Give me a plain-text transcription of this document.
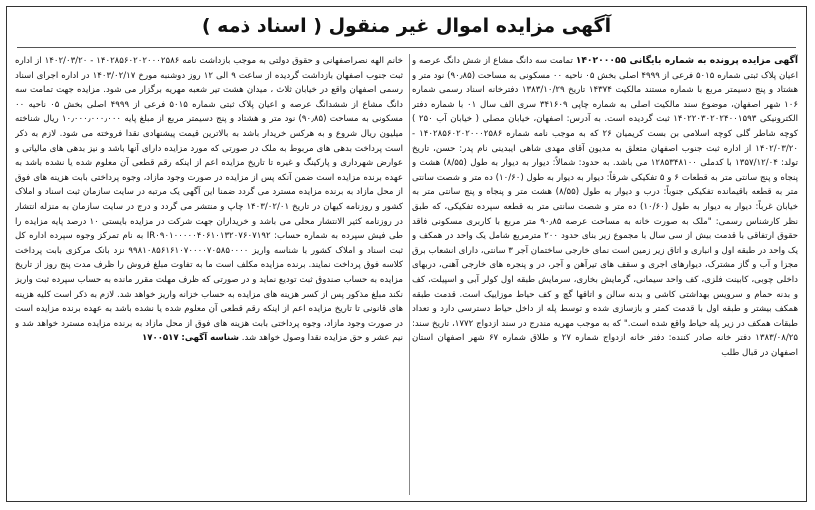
آگهی مزایده اموال غیر منقول ( اسناد ذمه )

آگهی مزایده پرونده به شماره بایگانی ۱۴۰۲۰۰۰۵۵ تمامت سه دانگ مشاع از شش دانگ عرصه و اعیان پلاک ثبتی شماره ۵۰۱۵ فرعی از ۴۹۹۹ اصلی بخش ۰۵ ناحیه ۰۰ مسکونی به مساحت (۹۰٫۸۵) نود متر و هشتاد و پنج دسیمتر مربع با شماره مستند مالکیت ۱۴۳۷۴ تاریخ ۱۳۸۳/۱۰/۲۹ دفترخانه اسناد رسمی شماره ۱۰۶ شهر اصفهان، موضوع سند مالکیت اصلی به شماره چاپی ۳۴۱۶۰۹ سری الف سال ۰۱ با شماره دفتر الکترونیکی ۱۴۰۲۲۰۳۰۲۰۲۴۰۰۱۵۹۳ ثبت گردیده است. به آدرس: اصفهان، خیابان مصلی ( خیابان آب ۲۵۰ ) کوچه شاطر گلی کوچه اسلامی بن بست کریمیان ۲۶ که به موجب نامه شماره ۱۴۰۲۸۵۶۰۲۰۲۰۰۰۲۵۸۶ - ۱۴۰۲/۰۳/۲۰ از اداره ثبت جنوب اصفهان متعلق به مدیون آقای مهدی شاهی ایبدینی نام پدر: حسن، تاریخ تولد: ۱۳۵۷/۱۲/۰۴ با کدملی ۱۲۸۵۳۴۸۱۰۰ می باشد. به حدود: شمالاً: دیوار به دیوار به طول (۸/۵۵) هشت و پنجاه و پنج سانتی متر به قطعات ۶ و ۵ تفکیکی شرقاً: دیوار به دیوار به طول (۱۰/۶۰) ده متر و شصت سانتی متر به قطعه باقیمانده تفکیکی جنوباً: درب و دیوار به طول (۸/۵۵) هشت متر و پنجاه و پنج سانتی متر به خیابان غرباً: دیوار به دیوار به طول (۱۰/۶۰) ده متر و شصت سانتی متر به قطعه سپرده تفکیکی، که طبق نظر کارشناس رسمی: "ملک به صورت خانه به مساحت عرصه ۹۰٫۸۵ متر مربع با کاربری مسکونی فاقد حقوق ارتفاقی با قدمت بیش از سی سال با مجموع زیر بنای حدود ۲۰۰ مترمربع شامل یک واحد در همکف و یک واحد در طبقه اول و انباری و اتاق زیر زمین است نمای خارجی ساختمان آجر ۳ سانتی، دارای انشعاب برق مجزا و آب و گاز مشترک، دیوارهای اجری و سقف های تیرآهن و آجر، در و پنجره های خارجی آهنی، دربهای داخلی چوبی، کابینت فلزی، کف واحد سیمانی، گرمایش بخاری، سرمایش طبقه اول کولر آبی و اسپیلت، کف و بدنه حمام و سرویس بهداشتی کاشی و بدنه سالن و اتاقها گچ و کف حیاط موزاییک است. قدمت طبقه همکف بیشتر و طبقه اول با قدمت کمتر و بازسازی شده و توسط پله از داخل حیاط دسترسی دارد و تعداد طبقات همکف در زیر پله حیاط واقع شده است." که به موجب مهریه مندرج در سند ازدواج ۱۷۷۲، تاریخ سند: ۱۳۸۳/۰۸/۲۵ دفتر خانه صادر کننده: دفتر خانه ازدواج شماره ۲۷ و طلاق شماره ۶۷ شهر اصفهان استان اصفهان در قبال طلب

خانم الهه نصراصفهانی و حقوق دولتی به موجب بازداشت نامه ۱۴۰۲۸۵۶۰۲۰۲۰۰۰۲۵۸۶ - ۱۴۰۲/۰۳/۲۰ از اداره ثبت جنوب اصفهان بازداشت گردیده از ساعت ۹ الی ۱۲ روز دوشنبه مورخ ۱۴۰۳/۰۲/۱۷ در اداره اجرای اسناد رسمی اصفهان واقع در خیابان ثلاث ، میدان هشت تیر شعبه مهریه برگزار می شود. مزایده جهت تمامت سه دانگ مشاع از ششدانگ عرصه و اعیان پلاک ثبتی شماره ۵۰۱۵ فرعی از ۴۹۹۹ اصلی بخش ۰۵ ناحیه ۰۰ مسکونی به مساحت (۹۰٫۸۵) نود متر و هشتاد و پنج دسیمتر مربع از مبلغ پایه ۱۰٫۰۰۰٫۰۰۰٫۰۰۰ ریال شناخته میلیون ریال شروع و به هرکس خریدار باشد به بالاترین قیمت پیشنهادی نقدا فروخته می شود. لازم به ذکر است پرداخت بدهی های مربوط به ملک در صورتی که مورد مزایده دارای آنها باشد و نیز بدهی های مالیاتی و عوارض شهرداری و پارکینگ و غیره تا تاریخ مزایده اعم از اینکه رقم قطعی آن معلوم شده یا نشده باشد به عهده برنده مزایده است ضمن آنکه پس از مزایده در صورت وجود مازاد، وجوه پرداختی بابت هزینه های فوق از محل مازاد به برنده مزایده مسترد می گردد ضمنا این آگهی یک مرتبه در سایت سازمان ثبت اسناد و املاک کشور و روزنامه کیهان در تاریخ ۱۴۰۳/۰۲/۰۱ چاپ و منتشر می گردد و درج در سایت سازمان به منزله انتشار در روزنامه کثیر الانتشار محلی می باشد و خریداران جهت شرکت در مزایده بایستی ۱۰ درصد پایه مزایده را طی فیش سپرده به شماره حساب: IR۰۹۰۱۰۰۰۰۰۴۰۶۱۰۱۳۲۰۷۶۰۷۱۹۲ به نام تمرکز وجوه سپرده اداره کل ثبت اسناد و املاک کشور با شناسه واریز ۹۹۸۱۰۸۵۶۱۶۱۰۷۰۰۰۰۷۰۵۸۵۰۰۰۰ نزد بانک مرکزی بابت پرداخت کلاسه فوق پرداخت نمایند. برنده مزایده مکلف است ما به تفاوت مبلغ فروش را ظرف مدت پنج روز از تاریخ مزایده به حساب صندوق ثبت تودیع نماید و در صورتی که ظرف مهلت مقرر مانده به حساب سپرده ثبت واریز نکند مبلغ مذکور پس از کسر هزینه های مزایده به حساب خزانه واریز خواهد شد. لازم به ذکر است کلیه هزینه های قانونی تا تاریخ مزایده اعم از اینکه رقم قطعی آن معلوم شده یا نشده باشد به عهده برنده مزایده است در صورت وجود مازاد، وجوه پرداختی بابت هزینه های فوق از محل مازاد به برنده مزایده مسترد خواهد شد و نیم عشر و حق مزایده نقدا وصول خواهد شد. شناسه آگهی: ۱۷۰۰۵۱۷
